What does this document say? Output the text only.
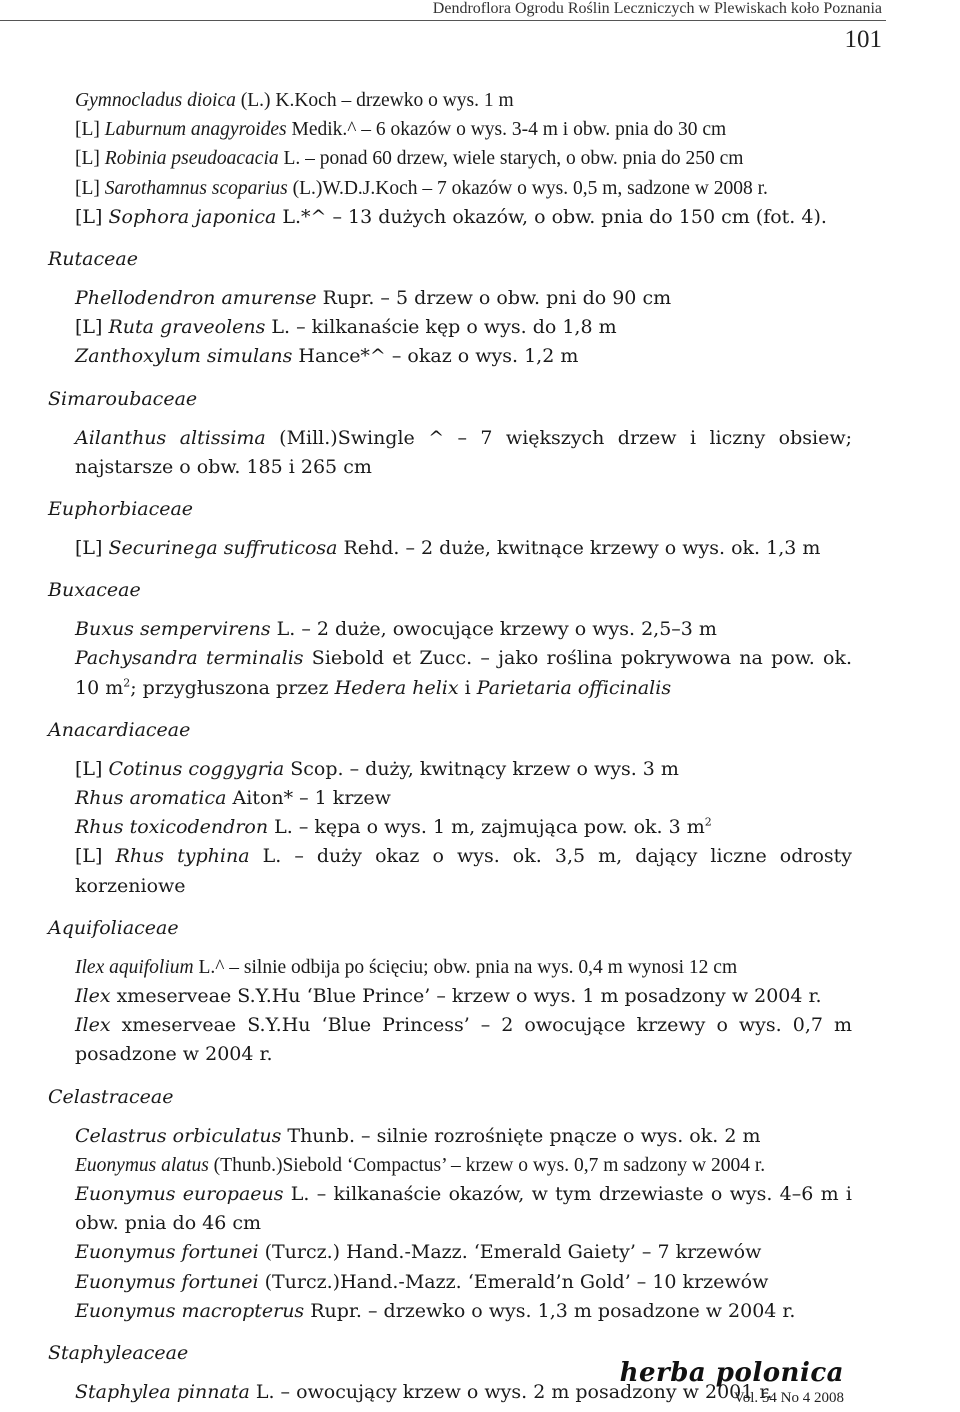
Dendroflora Ogrodu Roślin Leczniczych w Plewiskach koło Poznania
101
Gymnocladus dioica (L.) K.Koch – drzewko o wys. 1 m
[L] Laburnum anagyroides Medik.^ – 6 okazów o wys. 3-4 m i obw. pnia do 30 cm
[L] Robinia pseudoacacia L. – ponad 60 drzew, wiele starych, o obw. pnia do 250 cm
[L] Sarothamnus scoparius (L.)W.D.J.Koch – 7 okazów o wys. 0,5 m, sadzone w 2008 r.
[L] Sophora japonica L.*^ – 13 dużych okazów, o obw. pnia do 150 cm (fot. 4).
Rutaceae
Phellodendron amurense Rupr. – 5 drzew o obw. pni do 90 cm
[L] Ruta graveolens L. – kilkanaście kęp o wys. do 1,8 m
Zanthoxylum simulans Hance*^ – okaz o wys. 1,2 m
Simaroubaceae
Ailanthus altissima (Mill.)Swingle ^ – 7 większych drzew i liczny obsiew; najstarsze o obw. 185 i 265 cm
Euphorbiaceae
[L] Securinega suffruticosa Rehd. – 2 duże, kwitnące krzewy o wys. ok. 1,3 m
Buxaceae
Buxus sempervirens L. – 2 duże, owocujące krzewy o wys. 2,5–3 m
Pachysandra terminalis Siebold et Zucc. – jako roślina pokrywowa na pow. ok. 10 $m^2$; przygłuszona przez Hedera helix i Parietaria officinalis
Anacardiaceae
[L] Cotinus coggygria Scop. – duży, kwitnący krzew o wys. 3 m
Rhus aromatica Aiton* – 1 krzew
Rhus toxicodendron L. – kępa o wys. 1 m, zajmująca pow. ok. 3 $m^2$
[L] Rhus typhina L. – duży okaz o wys. ok. 3,5 m, dający liczne odrosty korzeniowe
Aquifoliaceae
Ilex aquifolium L.^ – silnie odbija po ścięciu; obw. pnia na wys. 0,4 m wynosi 12 cm
Ilex xmeserveae S.Y.Hu ‘Blue Prince’ – krzew o wys. 1 m posadzony w 2004 r.
Ilex xmeserveae S.Y.Hu ‘Blue Princess’ – 2 owocujące krzewy o wys. 0,7 m posadzone w 2004 r.
Celastraceae
Celastrus orbiculatus Thunb. – silnie rozrośnięte pnącze o wys. ok. 2 m
Euonymus alatus (Thunb.)Siebold ‘Compactus’ – krzew o wys. 0,7 m sadzony w 2004 r.
Euonymus europaeus L. – kilkanaście okazów, w tym drzewiaste o wys. 4–6 m i obw. pnia do 46 cm
Euonymus fortunei (Turcz.) Hand.-Mazz. ‘Emerald Gaiety’ – 7 krzewów
Euonymus fortunei (Turcz.)Hand.-Mazz. ‘Emerald’n Gold’ – 10 krzewów
Euonymus macropterus Rupr. – drzewko o wys. 1,3 m posadzone w 2004 r.
Staphyleaceae
Staphylea pinnata L. – owocujący krzew o wys. 2 m posadzony w 2001 r.
herba polonica
Vol. 54 No 4 2008
